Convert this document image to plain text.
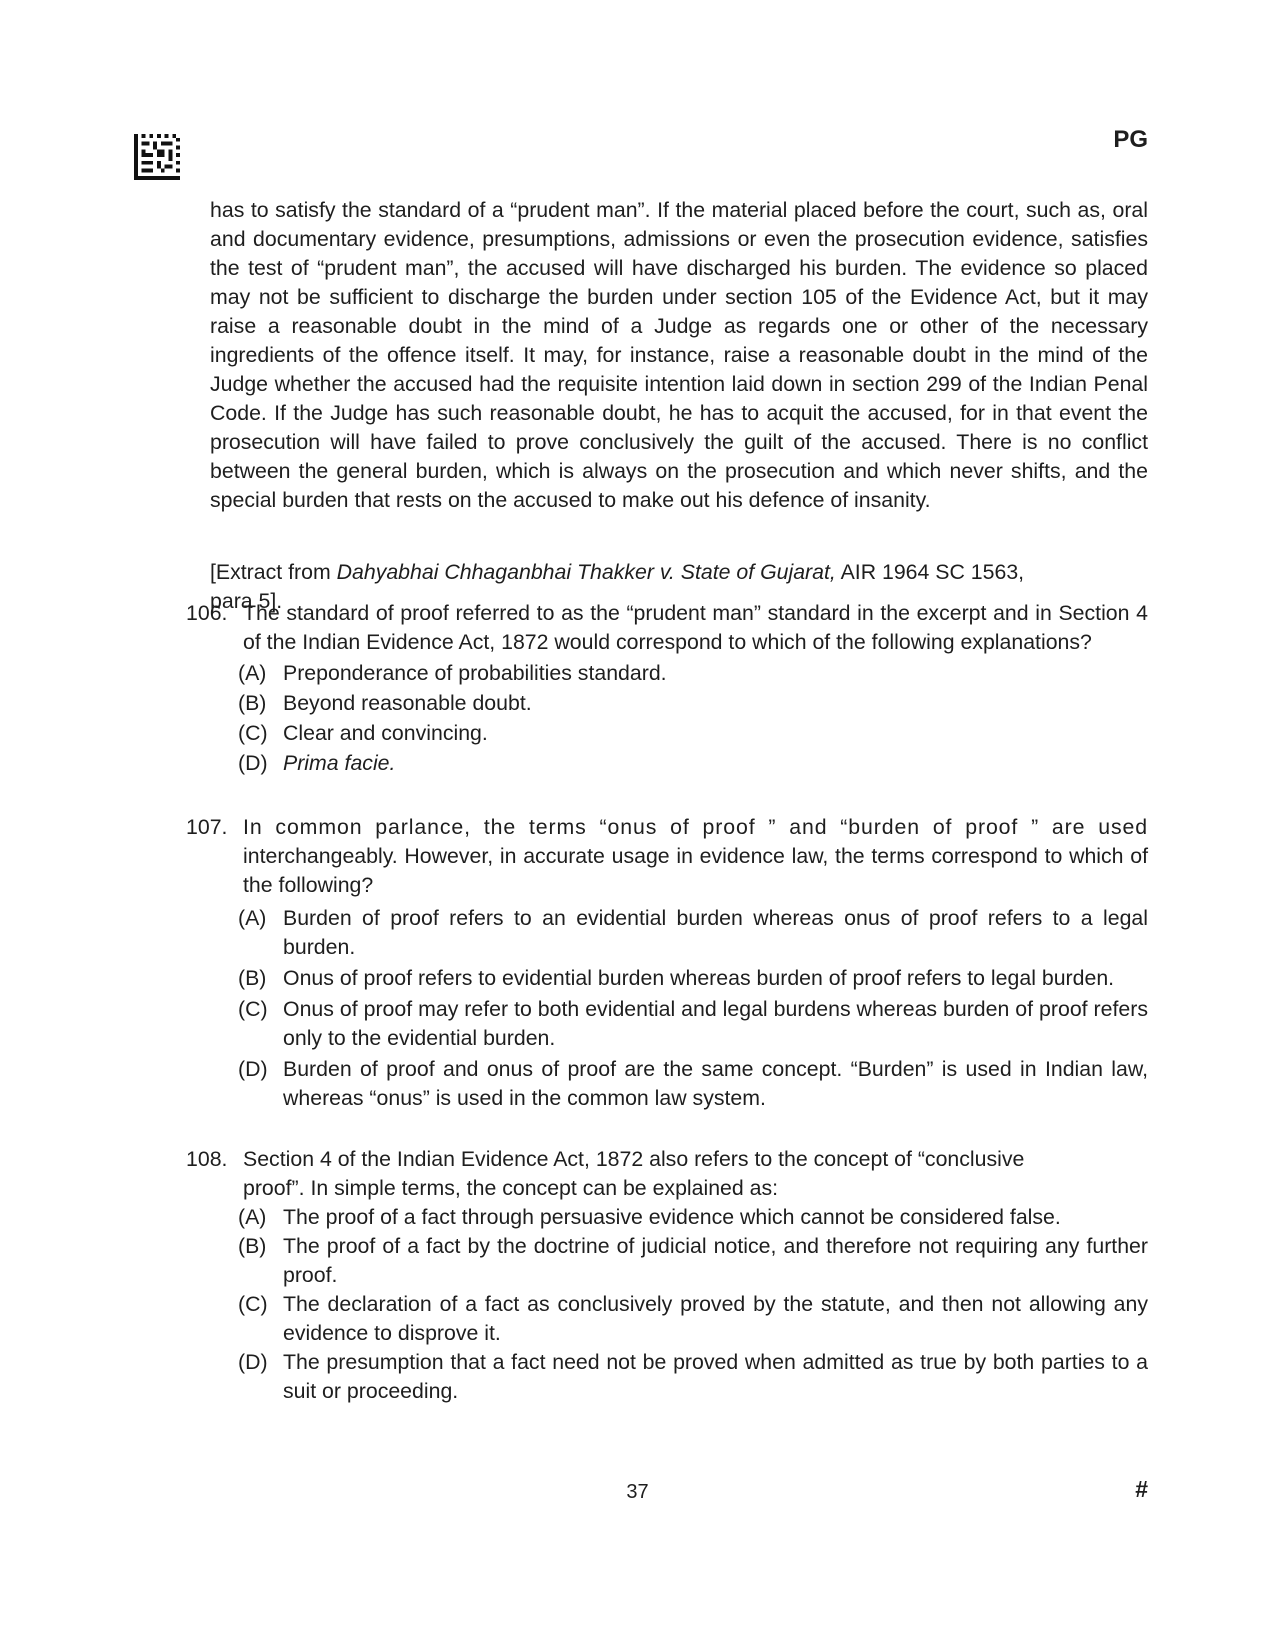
PG

has to satisfy the standard of a “prudent man”. If the material placed before the court, such as, oral and documentary evidence, presumptions, admissions or even the prosecution evidence, satisfies the test of “prudent man”, the accused will have discharged his burden. The evidence so placed may not be sufficient to discharge the burden under section 105 of the Evidence Act, but it may raise a reasonable doubt in the mind of a Judge as regards one or other of the necessary ingredients of the offence itself. It may, for instance, raise a reasonable doubt in the mind of the Judge whether the accused had the requisite intention laid down in section 299 of the Indian Penal Code. If the Judge has such reasonable doubt, he has to acquit the accused, for in that event the prosecution will have failed to prove conclusively the guilt of the accused. There is no conflict between the general burden, which is always on the prosecution and which never shifts, and the special burden that rests on the accused to make out his defence of insanity.

[Extract from Dahyabhai Chhaganbhai Thakker v. State of Gujarat, AIR 1964 SC 1563,
para 5].

106. The standard of proof referred to as the “prudent man” standard in the excerpt and in Section 4 of the Indian Evidence Act, 1872 would correspond to which of the following explanations?
(A) Preponderance of probabilities standard.
(B) Beyond reasonable doubt.
(C) Clear and convincing.
(D) Prima facie.
107. In common parlance, the terms “onus of proof ” and “burden of proof ” are used interchangeably. However, in accurate usage in evidence law, the terms correspond to which of the following?
(A) Burden of proof refers to an evidential burden whereas onus of proof refers to a legal burden.
(B) Onus of proof refers to evidential burden whereas burden of proof refers to legal burden.
(C) Onus of proof may refer to both evidential and legal burdens whereas burden of proof refers only to the evidential burden.
(D) Burden of proof and onus of proof are the same concept. “Burden” is used in Indian law, whereas “onus” is used in the common law system.
108. Section 4 of the Indian Evidence Act, 1872 also refers to the concept of “conclusive
proof”. In simple terms, the concept can be explained as:
(A) The proof of a fact through persuasive evidence which cannot be considered false.
(B) The proof of a fact by the doctrine of judicial notice, and therefore not requiring any further proof.
(C) The declaration of a fact as conclusively proved by the statute, and then not allowing any evidence to disprove it.
(D) The presumption that a fact need not be proved when admitted as true by both parties to a suit or proceeding.
37	#
